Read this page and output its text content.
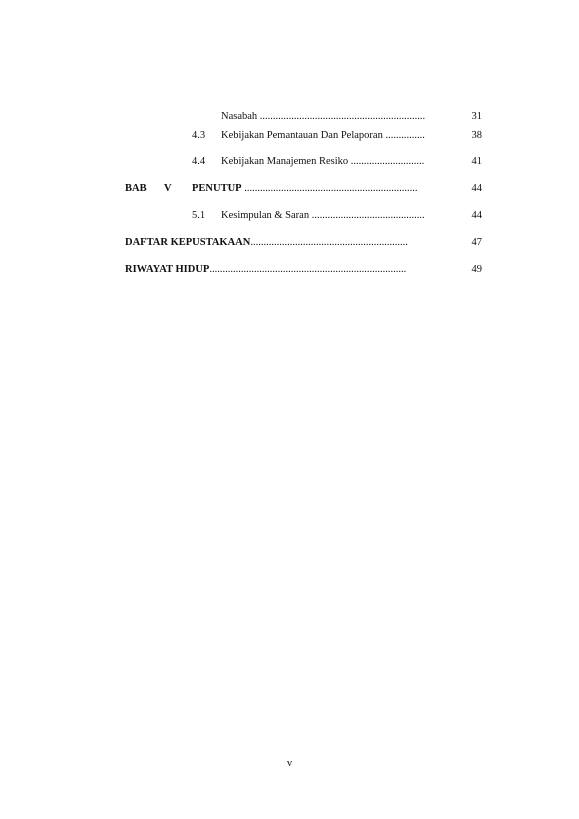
Nasabah ...............................................................	31
4.3 Kebijakan Pemantauan Dan Pelaporan ...............	38
4.4 Kebijakan Manajemen Resiko ............................	41
BAB V PENUTUP ..................................................................	44
5.1 Kesimpulan & Saran ...........................................	44
DAFTAR KEPUSTAKAAN............................................................	47
RIWAYAT HIDUP...........................................................................	49
v
